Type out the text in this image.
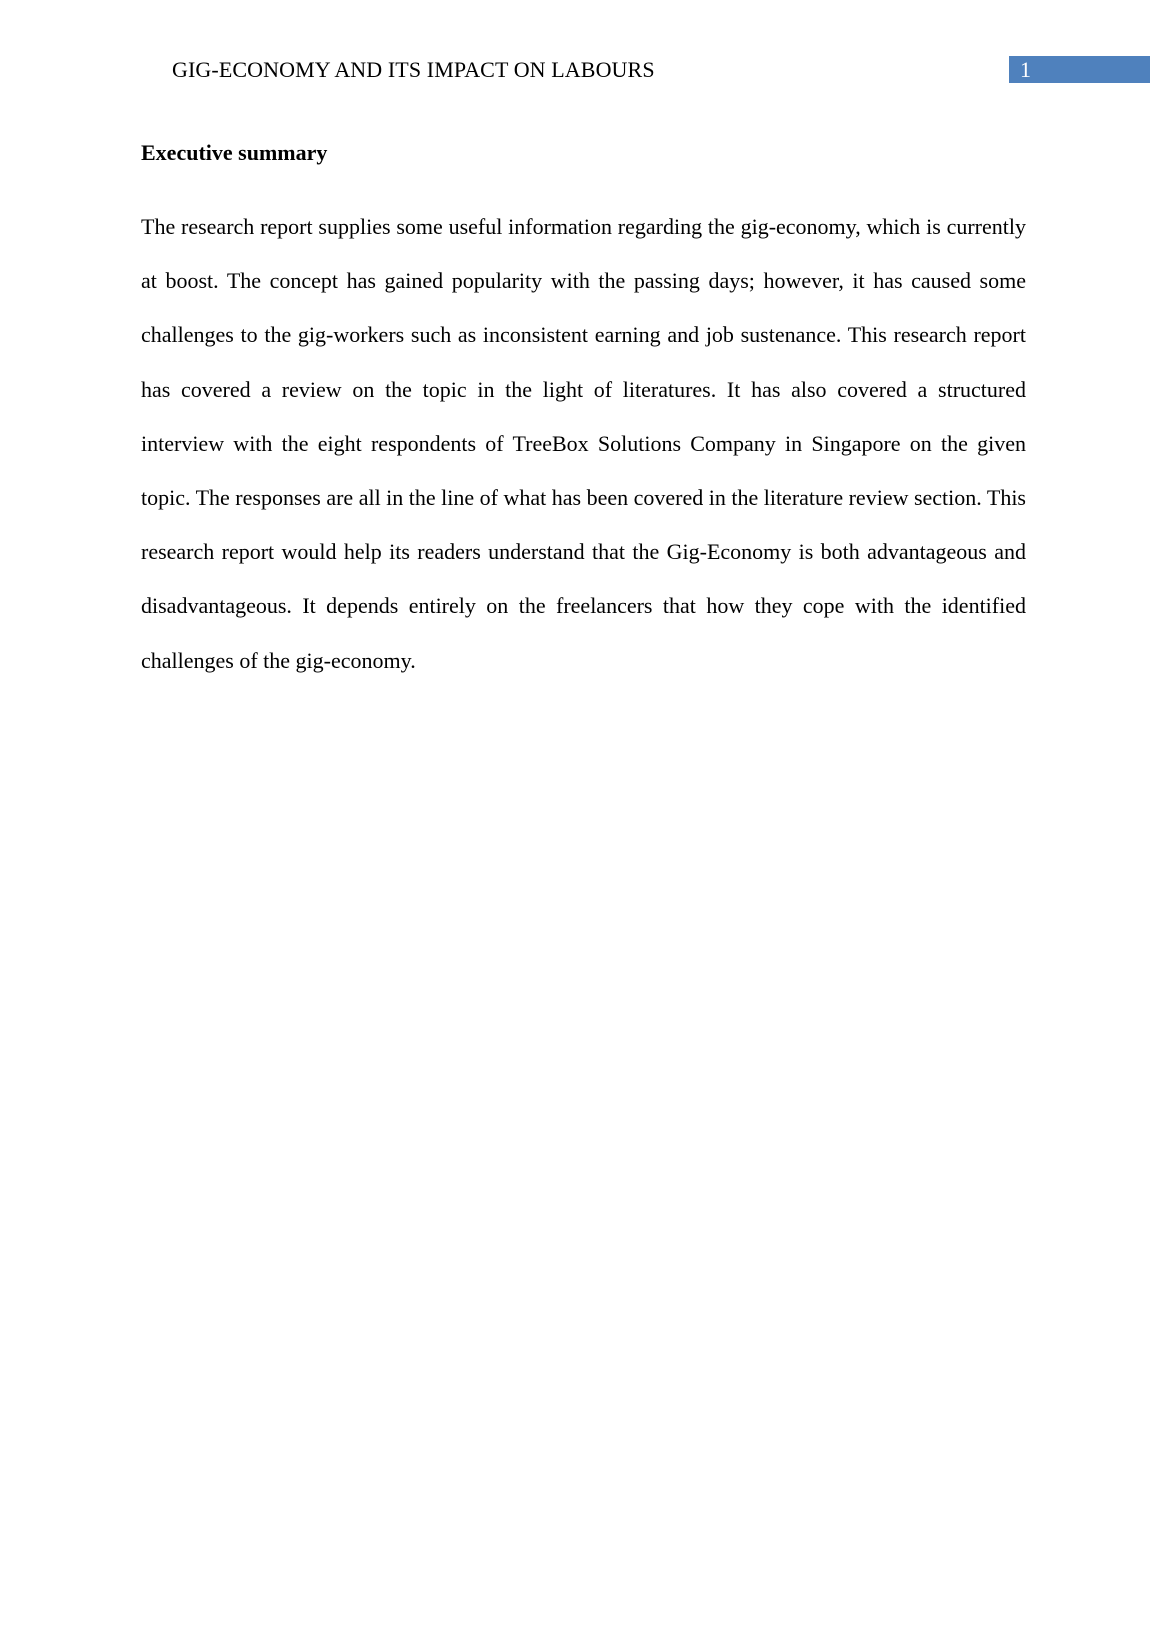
GIG-ECONOMY AND ITS IMPACT ON LABOURS	1
Executive summary

The research report supplies some useful information regarding the gig-economy, which is currently at boost. The concept has gained popularity with the passing days; however, it has caused some challenges to the gig-workers such as inconsistent earning and job sustenance. This research report has covered a review on the topic in the light of literatures. It has also covered a structured interview with the eight respondents of TreeBox Solutions Company in Singapore on the given topic. The responses are all in the line of what has been covered in the literature review section. This research report would help its readers understand that the Gig-Economy is both advantageous and disadvantageous. It depends entirely on the freelancers that how they cope with the identified challenges of the gig-economy.
